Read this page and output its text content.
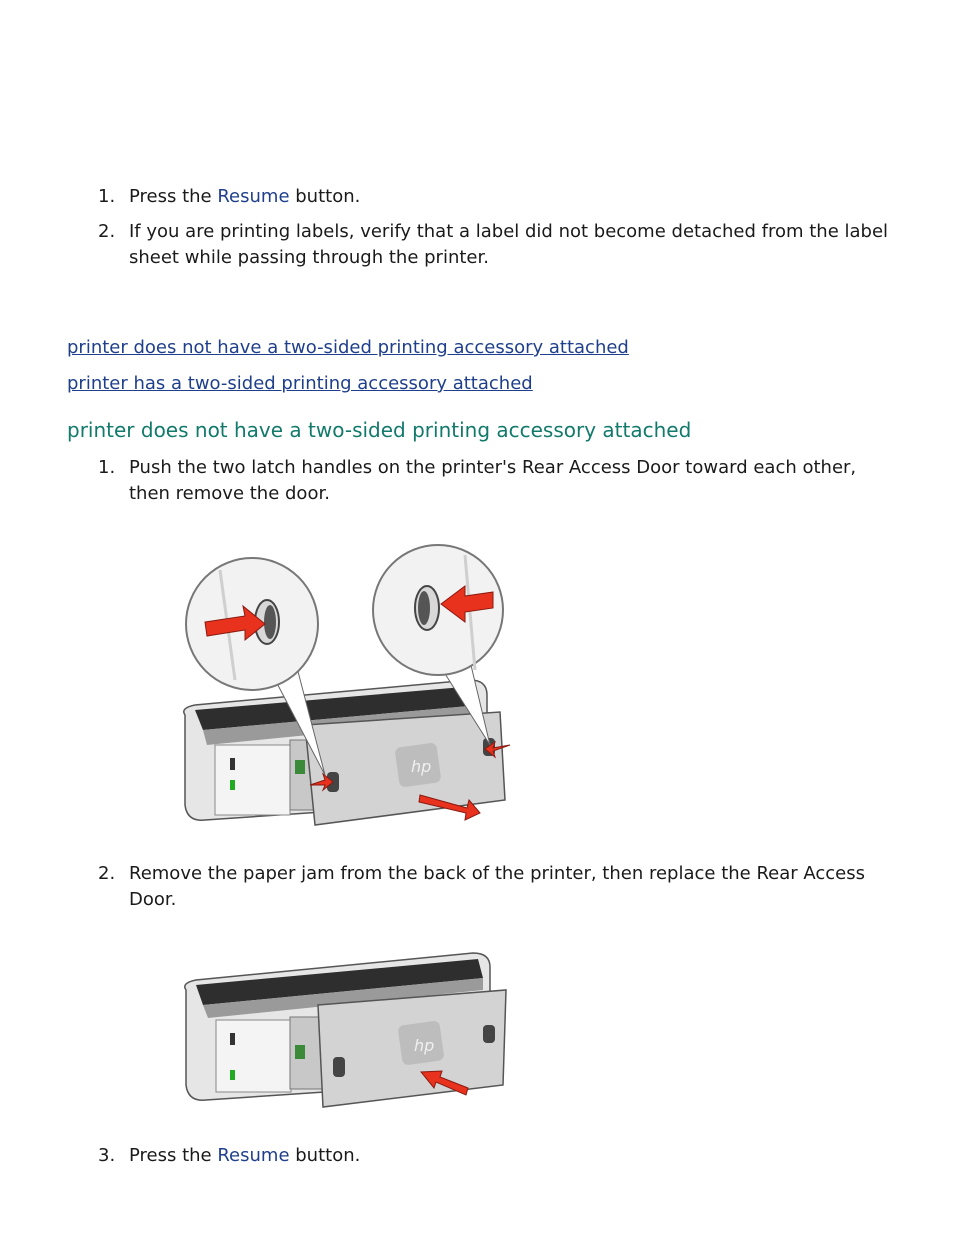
1. Press the Resume button.
2. If you are printing labels, verify that a label did not become detached from the label sheet while passing through the printer.
printer does not have a two-sided printing accessory attached
printer has a two-sided printing accessory attached
printer does not have a two-sided printing accessory attached
1. Push the two latch handles on the printer's Rear Access Door toward each other, then remove the door.
hp
2. Remove the paper jam from the back of the printer, then replace the Rear Access Door.
hp
3. Press the Resume button.
